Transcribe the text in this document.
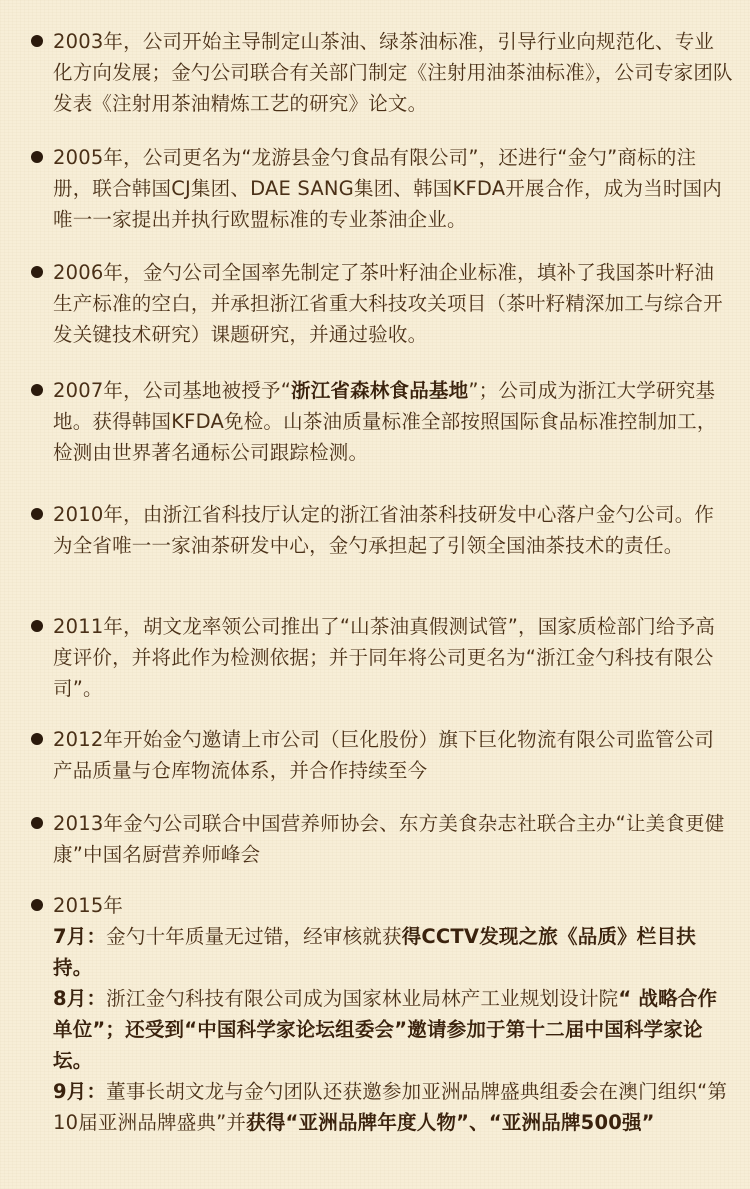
2003年，公司开始主导制定山茶油、绿茶油标准，引导行业向规范化、专业化方向发展；金勺公司联合有关部门制定《注射用油茶油标准》，公司专家团队发表《注射用茶油精炼工艺的研究》论文。

2005年，公司更名为“龙游县金勺食品有限公司”，还进行“金勺”商标的注册，联合韩国CJ集团、DAE SANG集团、韩国KFDA开展合作，成为当时国内唯一一家提出并执行欧盟标准的专业茶油企业。

2006年，金勺公司全国率先制定了茶叶籽油企业标准，填补了我国茶叶籽油生产标准的空白，并承担浙江省重大科技攻关项目（茶叶籽精深加工与综合开发关键技术研究）课题研究，并通过验收。

2007年，公司基地被授予“浙江省森林食品基地”；公司成为浙江大学研究基地。获得韩国KFDA免检。山茶油质量标准全部按照国际食品标准控制加工，检测由世界著名通标公司跟踪检测。

2010年，由浙江省科技厅认定的浙江省油茶科技研发中心落户金勺公司。作为全省唯一一家油茶研发中心，金勺承担起了引领全国油茶技术的责任。

2011年，胡文龙率领公司推出了“山茶油真假测试管”，国家质检部门给予高度评价，并将此作为检测依据；并于同年将公司更名为“浙江金勺科技有限公司”。

2012年开始金勺邀请上市公司（巨化股份）旗下巨化物流有限公司监管公司产品质量与仓库物流体系，并合作持续至今

2013年金勺公司联合中国营养师协会、东方美食杂志社联合主办“让美食更健康”中国名厨营养师峰会

2015年

7月：金勺十年质量无过错，经审核就获得CCTV发现之旅《品质》栏目扶持。

8月：浙江金勺科技有限公司成为国家林业局林产工业规划设计院“ 战略合作单位”；还受到“中国科学家论坛组委会”邀请参加于第十二届中国科学家论坛。

9月：董事长胡文龙与金勺团队还获邀参加亚洲品牌盛典组委会在澳门组织“第10届亚洲品牌盛典”并获得“亚洲品牌年度人物”、“亚洲品牌500强”
